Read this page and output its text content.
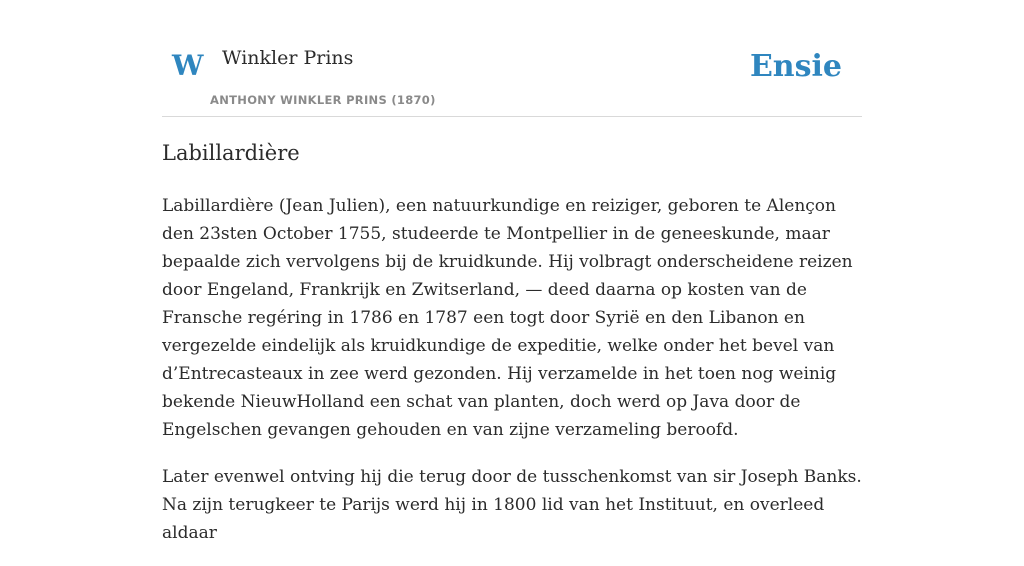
W Winkler Prins
ANTHONY WINKLER PRINS (1870)
Ensie
Labillardière

Labillardière (Jean Julien), een natuurkundige en reiziger, geboren te Alençon den 23sten October 1755, studeerde te Montpellier in de geneeskunde, maar bepaalde zich vervolgens bij de kruidkunde. Hij volbragt onderscheidene reizen door Engeland, Frankrijk en Zwitserland, — deed daarna op kosten van de Fransche regéring in 1786 en 1787 een togt door Syrië en den Libanon en vergezelde eindelijk als kruidkundige de expeditie, welke onder het bevel van d’Entrecasteaux in zee werd gezonden. Hij verzamelde in het toen nog weinig bekende NieuwHolland een schat van planten, doch werd op Java door de Engelschen gevangen gehouden en van zijne verzameling beroofd.

Later evenwel ontving hij die terug door de tusschenkomst van sir Joseph Banks. Na zijn terugkeer te Parijs werd hij in 1800 lid van het Instituut, en overleed aldaar
